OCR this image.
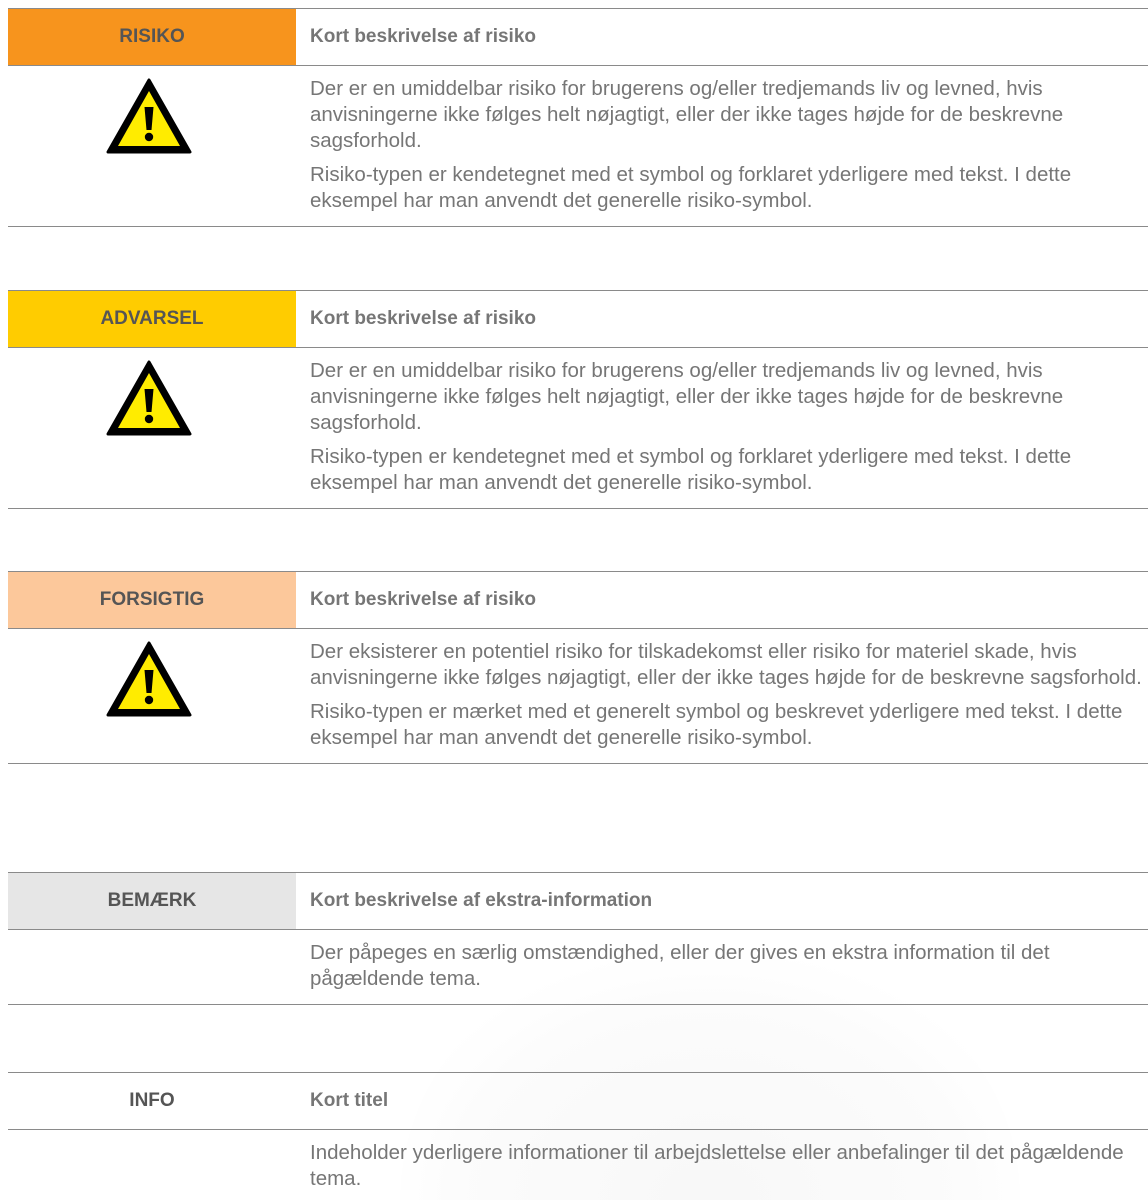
RISIKO	Kort beskrivelse af risiko

Der er en umiddelbar risiko for brugerens og/eller tredjemands liv og levned, hvis anvisningerne ikke følges helt nøjagtigt, eller der ikke tages højde for de beskrevne sagsforhold.

Risiko-typen er kendetegnet med et symbol og forklaret yderligere med tekst. I dette eksempel har man anvendt det generelle risiko-symbol.

ADVARSEL	Kort beskrivelse af risiko

Der er en umiddelbar risiko for brugerens og/eller tredjemands liv og levned, hvis anvisningerne ikke følges helt nøjagtigt, eller der ikke tages højde for de beskrevne sagsforhold.

Risiko-typen er kendetegnet med et symbol og forklaret yderligere med tekst. I dette eksempel har man anvendt det generelle risiko-symbol.

FORSIGTIG	Kort beskrivelse af risiko

Der eksisterer en potentiel risiko for tilskadekomst eller risiko for materiel skade, hvis anvisningerne ikke følges nøjagtigt, eller der ikke tages højde for de beskrevne sagsforhold.

Risiko-typen er mærket med et generelt symbol og beskrevet yderligere med tekst. I dette eksempel har man anvendt det generelle risiko-symbol.

BEMÆRK	Kort beskrivelse af ekstra-information

Der påpeges en særlig omstændighed, eller der gives en ekstra information til det pågældende tema.

INFO	Kort titel

Indeholder yderligere informationer til arbejdslettelse eller anbefalinger til det pågældende tema.
